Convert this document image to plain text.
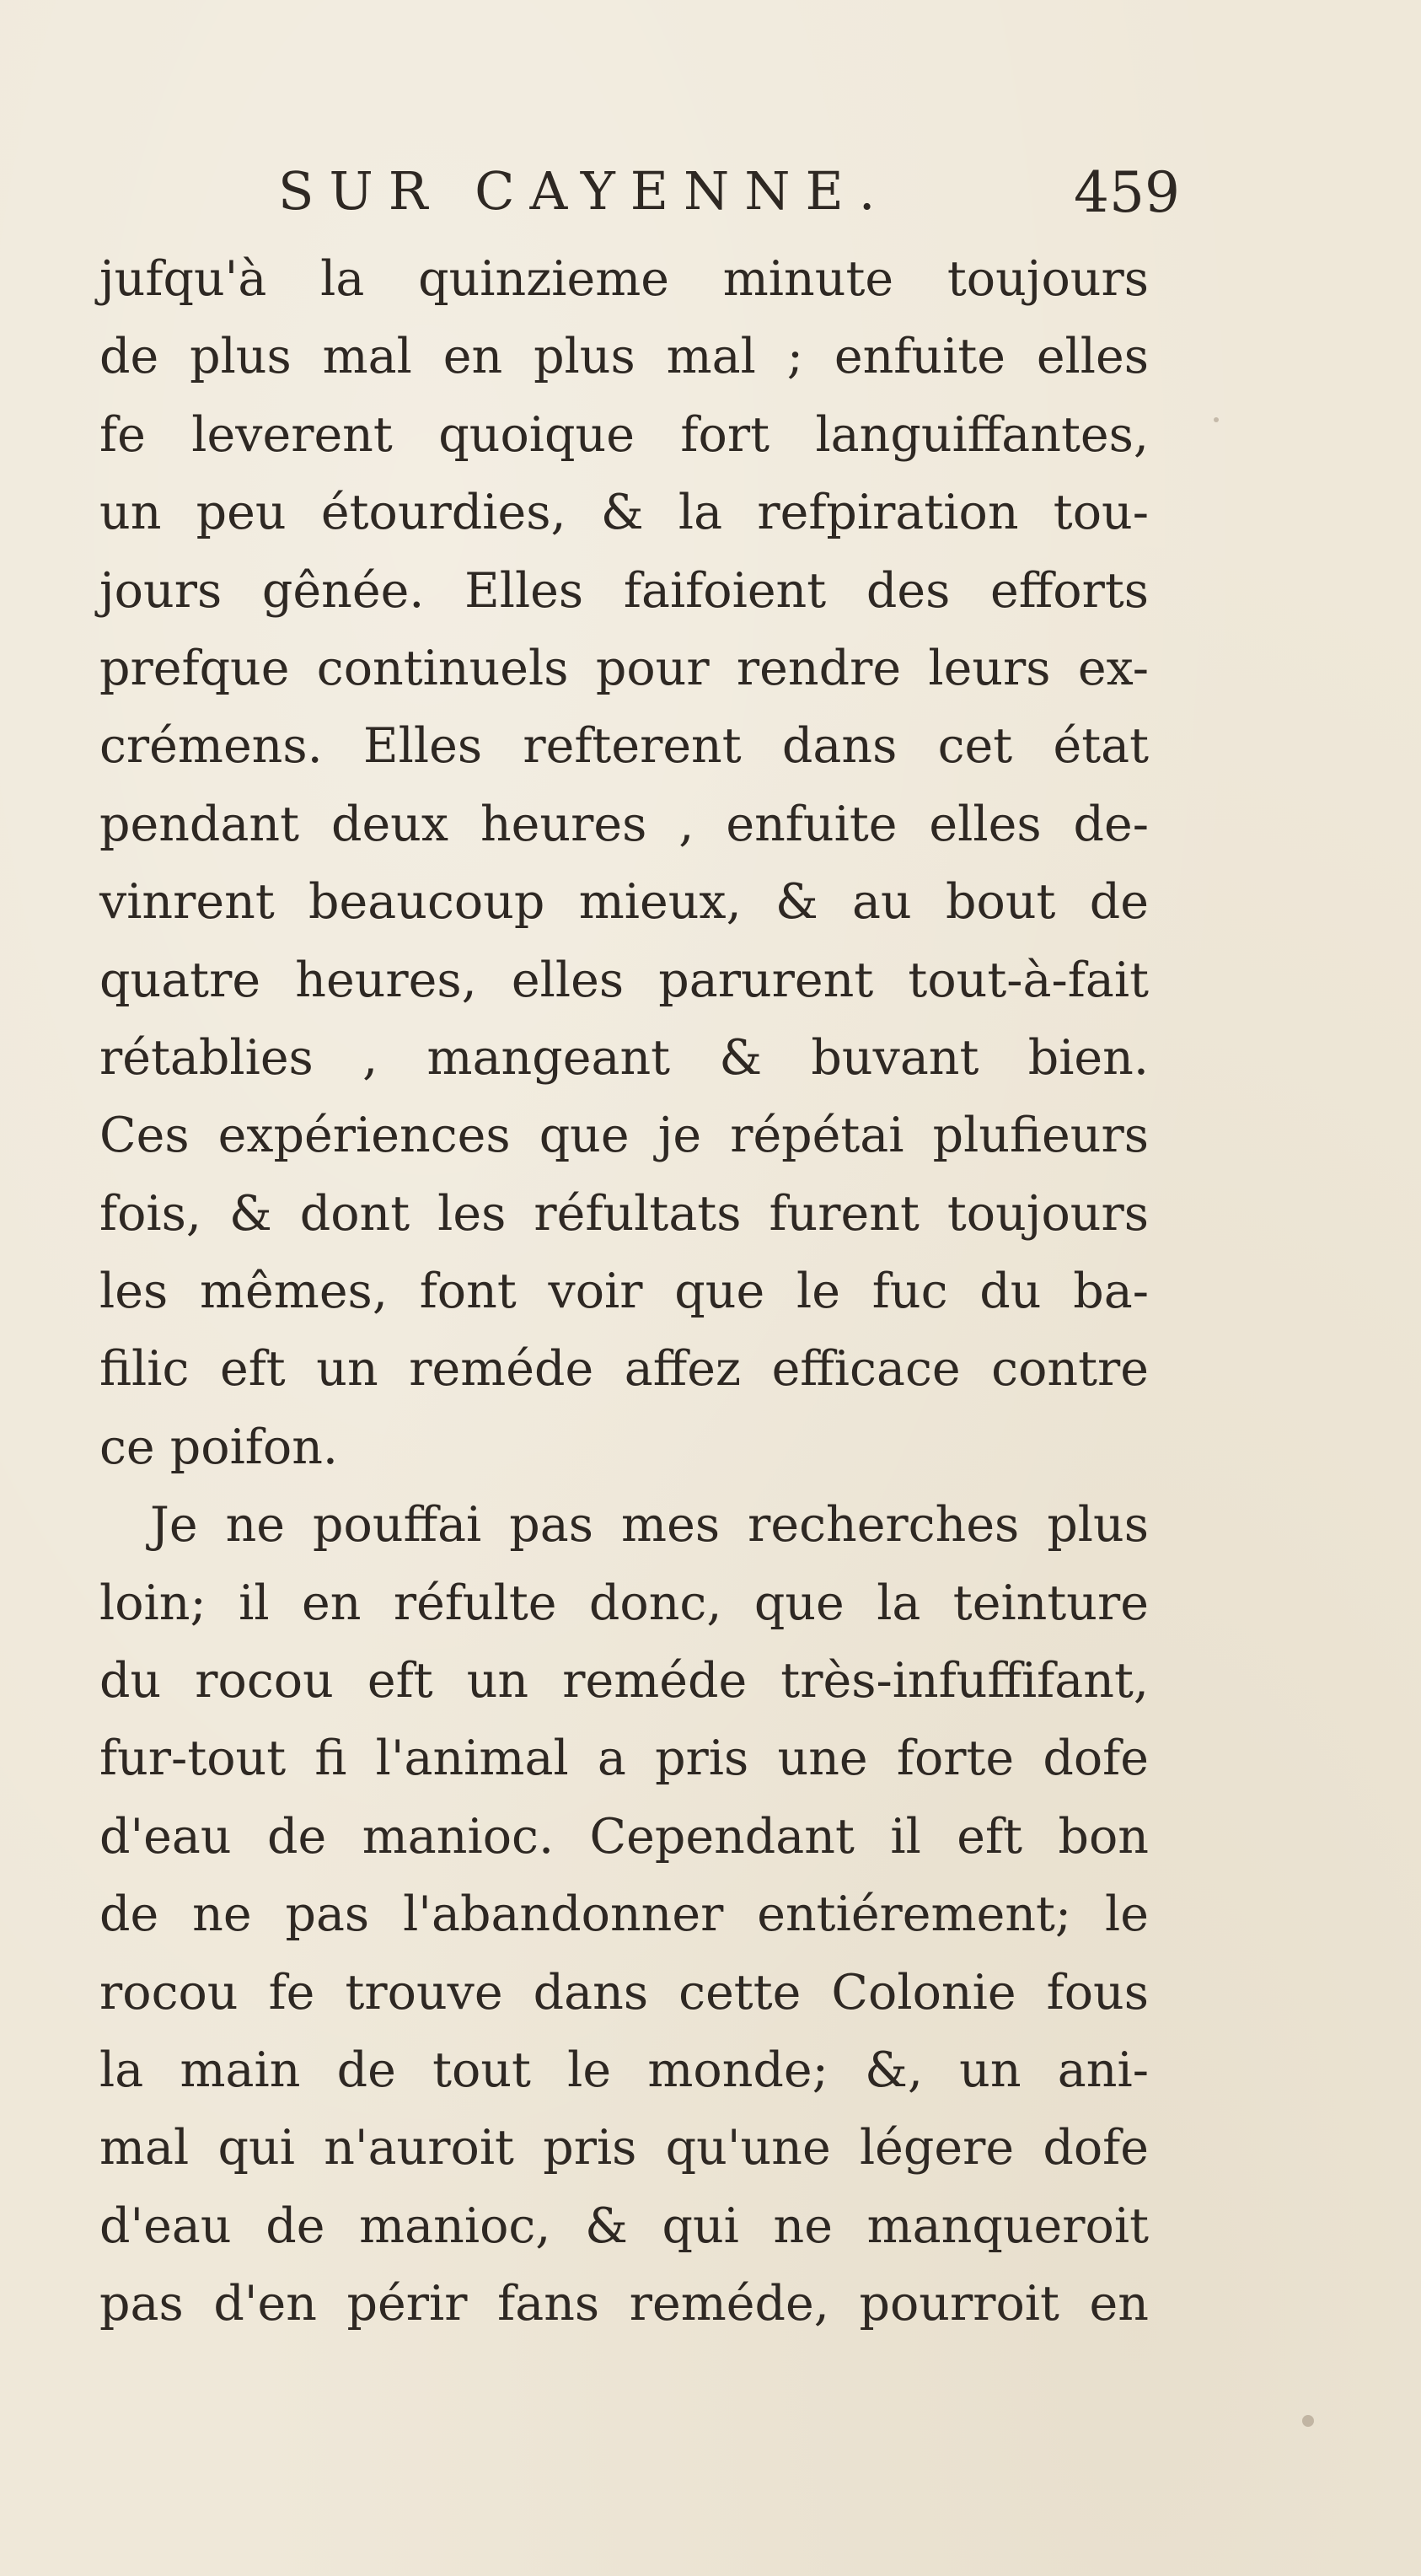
SUR CAYENNE.	459
jufqu'à la quinzieme minute toujours
de plus mal en plus mal ; enfuite elles
fe leverent quoique fort languiffantes,
un peu étourdies, & la refpiration tou-
jours gênée. Elles faifoient des efforts
prefque continuels pour rendre leurs ex-
crémens. Elles refterent dans cet état
pendant deux heures , enfuite elles de-
vinrent beaucoup mieux, & au bout de
quatre heures, elles parurent tout-à-fait
rétablies , mangeant & buvant bien.
Ces expériences que je répétai plufieurs
fois, & dont les réfultats furent toujours
les mêmes, font voir que le fuc du ba-
filic eft un reméde affez efficace contre
ce poifon.
Je ne pouffai pas mes recherches plus
loin; il en réfulte donc, que la teinture
du rocou eft un reméde très-infuffifant,
fur-tout fi l'animal a pris une forte dofe
d'eau de manioc. Cependant il eft bon
de ne pas l'abandonner entiérement; le
rocou fe trouve dans cette Colonie fous
la main de tout le monde; &, un ani-
mal qui n'auroit pris qu'une légere dofe
d'eau de manioc, & qui ne manqueroit
pas d'en périr fans reméde, pourroit en
